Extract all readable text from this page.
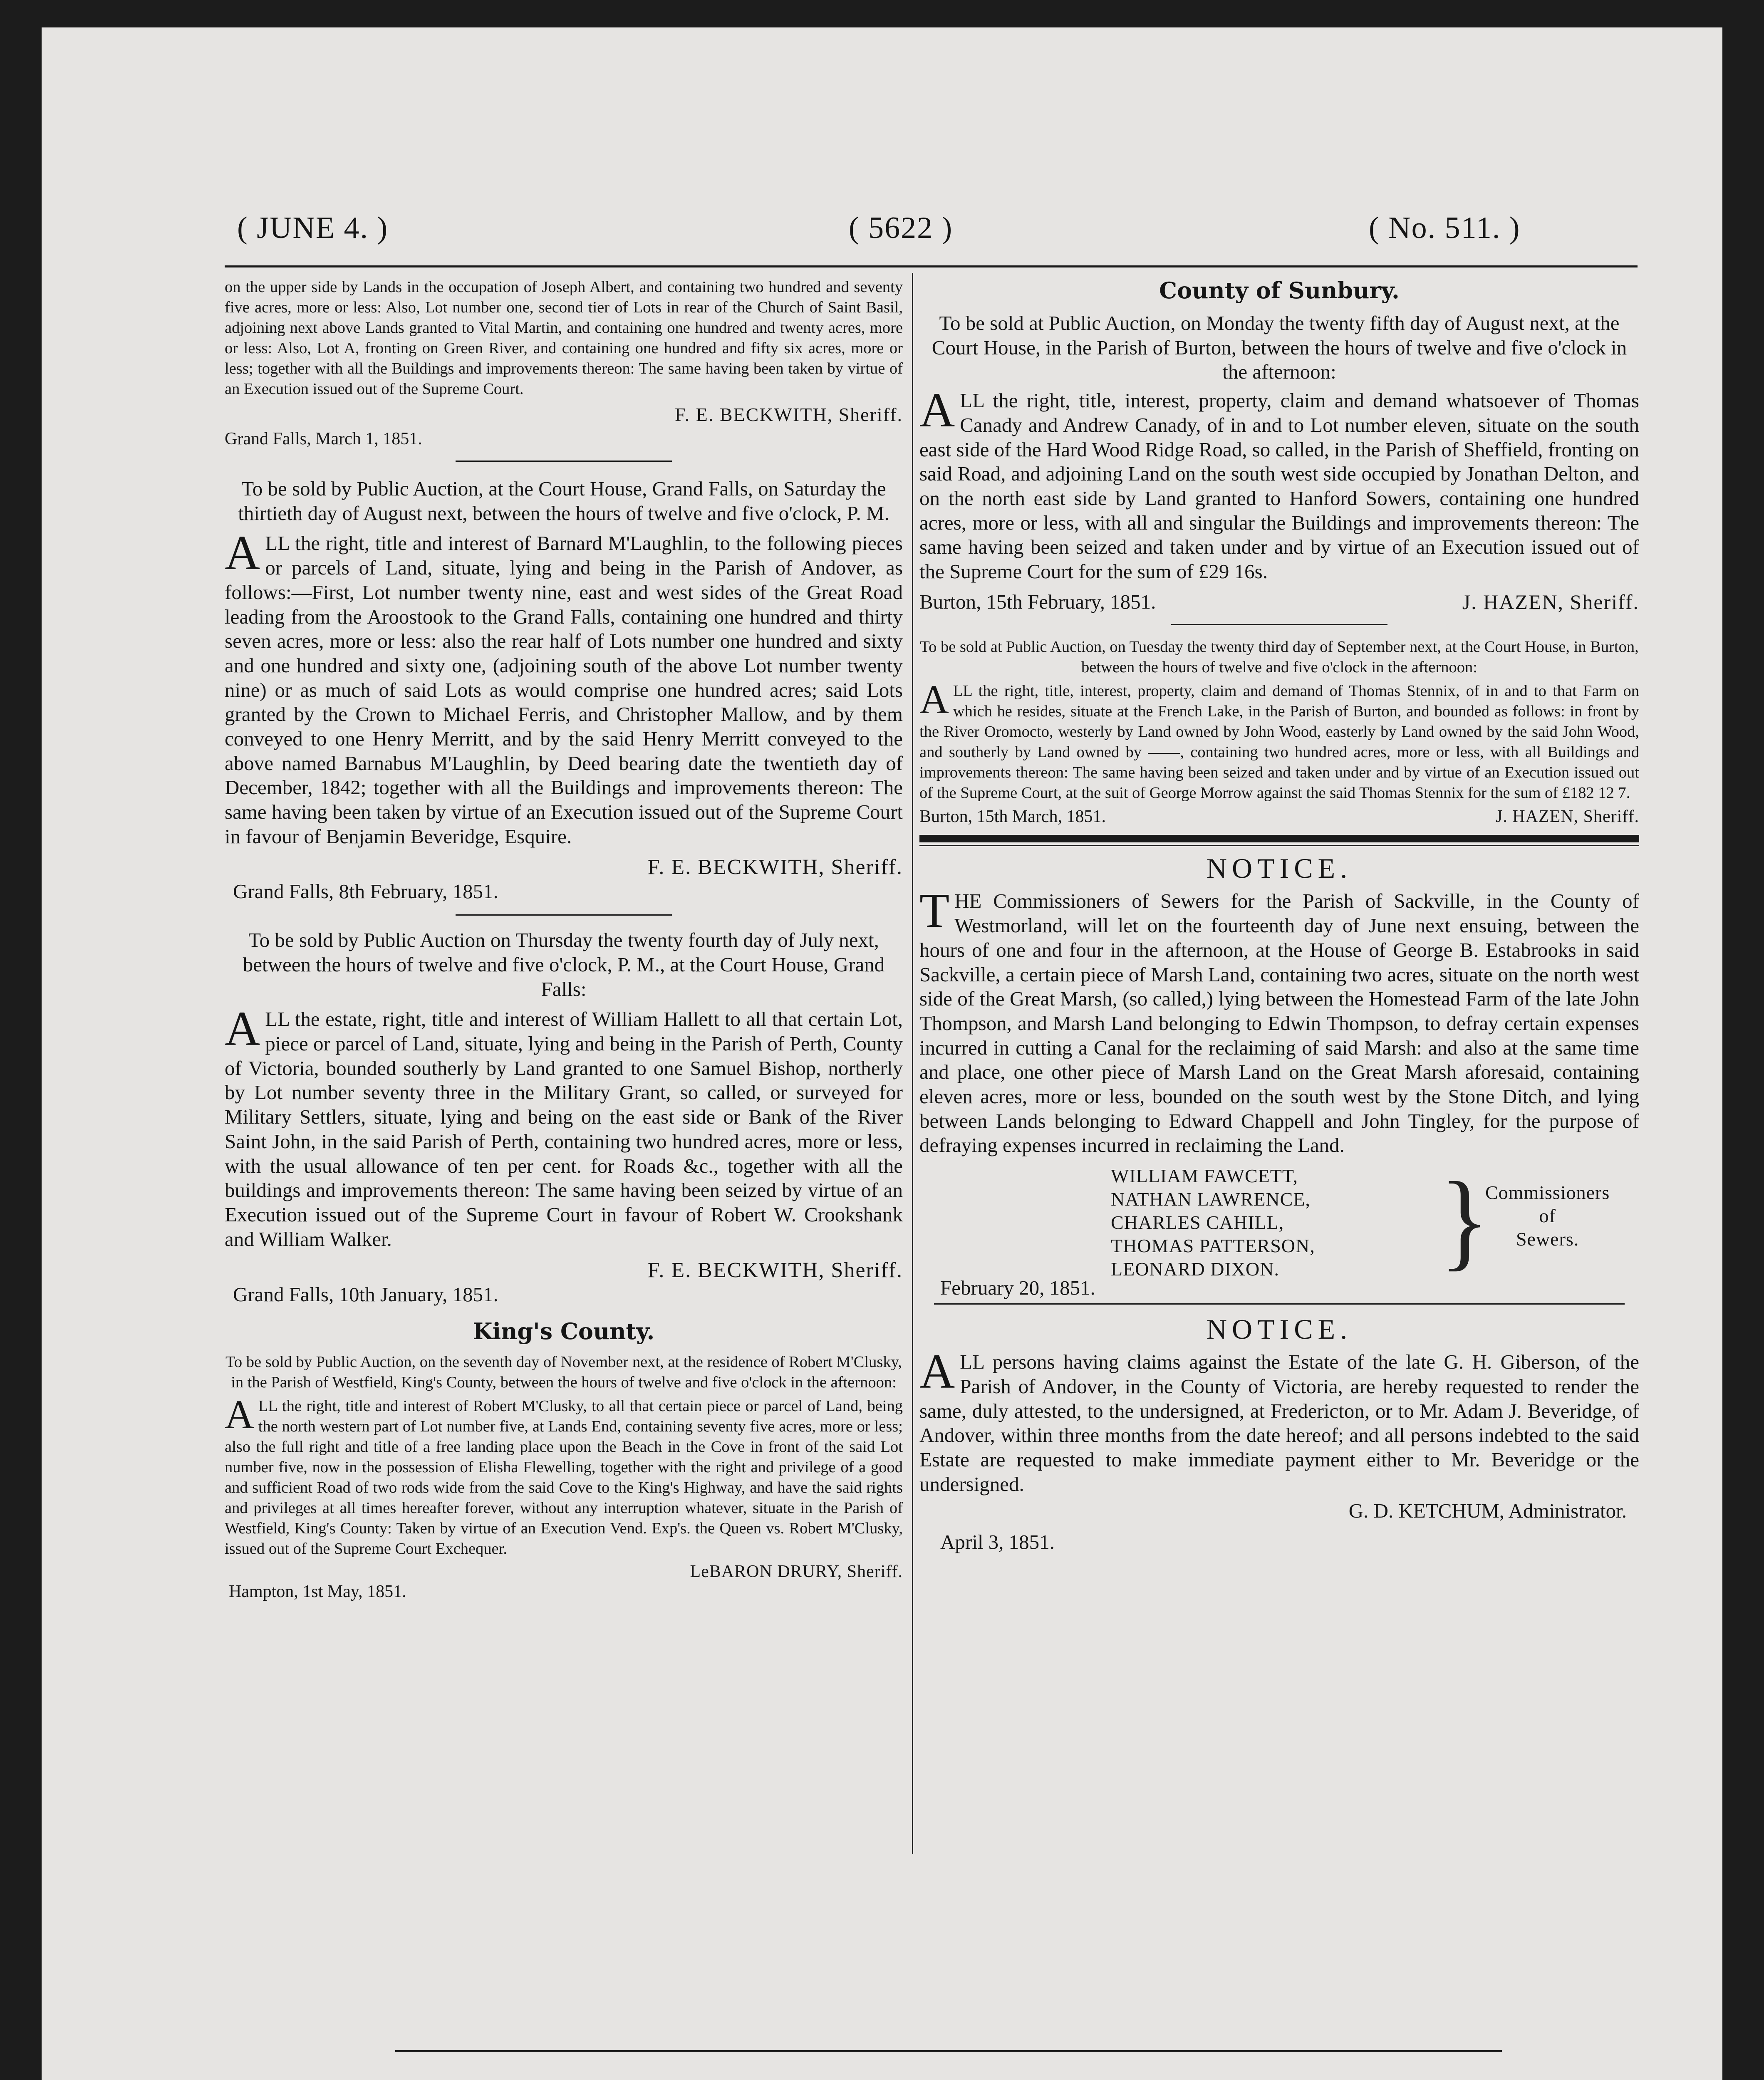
( JUNE 4. )	( 5622 )	( No. 511. )

on the upper side by Lands in the occupation of Joseph Albert, and containing two hundred and seventy five acres, more or less: Also, Lot number one, second tier of Lots in rear of the Church of Saint Basil, adjoining next above Lands granted to Vital Martin, and containing one hundred and twenty acres, more or less: Also, Lot A, fronting on Green River, and containing one hundred and fifty six acres, more or less; together with all the Buildings and improvements thereon: The same having been taken by virtue of an Execution issued out of the Supreme Court.

F. E. BECKWITH, Sheriff.

Grand Falls, March 1, 1851.

To be sold by Public Auction, at the Court House, Grand Falls, on Saturday the thirtieth day of August next, between the hours of twelve and five o'clock, P. M.

ALL the right, title and interest of Barnard M'Laughlin, to the following pieces or parcels of Land, situate, lying and being in the Parish of Andover, as follows:—First, Lot number twenty nine, east and west sides of the Great Road leading from the Aroostook to the Grand Falls, containing one hundred and thirty seven acres, more or less: also the rear half of Lots number one hundred and sixty and one hundred and sixty one, (adjoining south of the above Lot number twenty nine) or as much of said Lots as would comprise one hundred acres; said Lots granted by the Crown to Michael Ferris, and Christopher Mallow, and by them conveyed to one Henry Merritt, and by the said Henry Merritt conveyed to the above named Barnabus M'Laughlin, by Deed bearing date the twentieth day of December, 1842; together with all the Buildings and improvements thereon: The same having been taken by virtue of an Execution issued out of the Supreme Court in favour of Benjamin Beveridge, Esquire.

F. E. BECKWITH, Sheriff.

Grand Falls, 8th February, 1851.

To be sold by Public Auction on Thursday the twenty fourth day of July next, between the hours of twelve and five o'clock, P. M., at the Court House, Grand Falls:

ALL the estate, right, title and interest of William Hallett to all that certain Lot, piece or parcel of Land, situate, lying and being in the Parish of Perth, County of Victoria, bounded southerly by Land granted to one Samuel Bishop, northerly by Lot number seventy three in the Military Grant, so called, or surveyed for Military Settlers, situate, lying and being on the east side or Bank of the River Saint John, in the said Parish of Perth, containing two hundred acres, more or less, with the usual allowance of ten per cent. for Roads &c., together with all the buildings and improvements thereon: The same having been seized by virtue of an Execution issued out of the Supreme Court in favour of Robert W. Crookshank and William Walker.

F. E. BECKWITH, Sheriff.

Grand Falls, 10th January, 1851.

King's County.

To be sold by Public Auction, on the seventh day of November next, at the residence of Robert M'Clusky, in the Parish of Westfield, King's County, between the hours of twelve and five o'clock in the afternoon:

ALL the right, title and interest of Robert M'Clusky, to all that certain piece or parcel of Land, being the north western part of Lot number five, at Lands End, containing seventy five acres, more or less; also the full right and title of a free landing place upon the Beach in the Cove in front of the said Lot number five, now in the possession of Elisha Flewelling, together with the right and privilege of a good and sufficient Road of two rods wide from the said Cove to the King's Highway, and have the said rights and privileges at all times hereafter forever, without any interruption whatever, situate in the Parish of Westfield, King's County: Taken by virtue of an Execution Vend. Exp's. the Queen vs. Robert M'Clusky, issued out of the Supreme Court Exchequer.

LeBARON DRURY, Sheriff.

Hampton, 1st May, 1851.

County of Sunbury.

To be sold at Public Auction, on Monday the twenty fifth day of August next, at the Court House, in the Parish of Burton, between the hours of twelve and five o'clock in the afternoon:

ALL the right, title, interest, property, claim and demand whatsoever of Thomas Canady and Andrew Canady, of in and to Lot number eleven, situate on the south east side of the Hard Wood Ridge Road, so called, in the Parish of Sheffield, fronting on said Road, and adjoining Land on the south west side occupied by Jonathan Delton, and on the north east side by Land granted to Hanford Sowers, containing one hundred acres, more or less, with all and singular the Buildings and improvements thereon: The same having been seized and taken under and by virtue of an Execution issued out of the Supreme Court for the sum of £29 16s.

Burton, 15th February, 1851.	J. HAZEN, Sheriff.

To be sold at Public Auction, on Tuesday the twenty third day of September next, at the Court House, in Burton, between the hours of twelve and five o'clock in the afternoon:

ALL the right, title, interest, property, claim and demand of Thomas Stennix, of in and to that Farm on which he resides, situate at the French Lake, in the Parish of Burton, and bounded as follows: in front by the River Oromocto, westerly by Land owned by John Wood, easterly by Land owned by the said John Wood, and southerly by Land owned by ——, containing two hundred acres, more or less, with all Buildings and improvements thereon: The same having been seized and taken under and by virtue of an Execution issued out of the Supreme Court, at the suit of George Morrow against the said Thomas Stennix for the sum of £182 12 7.

Burton, 15th March, 1851.	J. HAZEN, Sheriff.

NOTICE.

THE Commissioners of Sewers for the Parish of Sackville, in the County of Westmorland, will let on the fourteenth day of June next ensuing, between the hours of one and four in the afternoon, at the House of George B. Estabrooks in said Sackville, a certain piece of Marsh Land, containing two acres, situate on the north west side of the Great Marsh, (so called,) lying between the Homestead Farm of the late John Thompson, and Marsh Land belonging to Edwin Thompson, to defray certain expenses incurred in cutting a Canal for the reclaiming of said Marsh: and also at the same time and place, one other piece of Marsh Land on the Great Marsh aforesaid, containing eleven acres, more or less, bounded on the south west by the Stone Ditch, and lying between Lands belonging to Edward Chappell and John Tingley, for the purpose of defraying expenses incurred in reclaiming the Land.

WILLIAM FAWCETT,
NATHAN LAWRENCE,
CHARLES CAHILL,
THOMAS PATTERSON,
LEONARD DIXON.	}
Commissioners
of
Sewers.
February 20, 1851.

NOTICE.

ALL persons having claims against the Estate of the late G. H. Giberson, of the Parish of Andover, in the County of Victoria, are hereby requested to render the same, duly attested, to the undersigned, at Fredericton, or to Mr. Adam J. Beveridge, of Andover, within three months from the date hereof; and all persons indebted to the said Estate are requested to make immediate payment either to Mr. Beveridge or the undersigned.

G. D. KETCHUM, Administrator.

April 3, 1851.
